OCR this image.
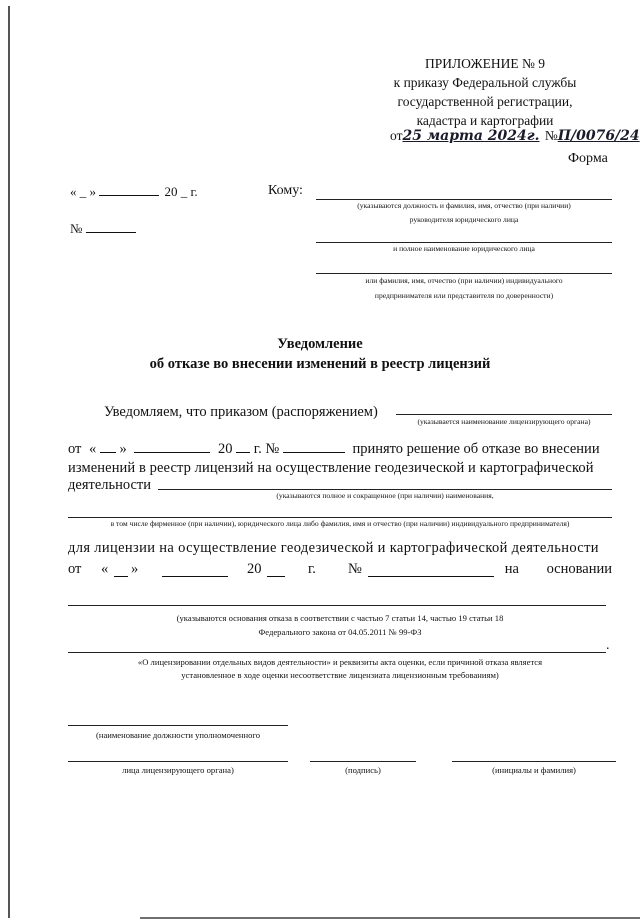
ПРИЛОЖЕНИЕ № 9
к приказу Федеральной службы
государственной регистрации,
кадастра и картографии
от25 марта 2024г. №П/0076/24
Форма
« _ »	20 _ г.	Кому:
(указываются должность и фамилия, имя, отчество (при наличии)
руководителя юридического лица
и полное наименование юридического лица
или фамилия, имя, отчество (при наличии) индивидуального
предпринимателя или представителя по доверенности)
№
Уведомление
об отказе во внесении изменений в реестр лицензий
Уведомляем, что приказом (распоряжением)
(указывается наименование лицензирующего органа)
от « »	20 г. №	принято решение об отказе во внесении
изменений в реестр лицензий на осуществление геодезической и картографической
деятельности
(указываются полное и сокращенное (при наличии) наименования,
в том числе фирменное (при наличии), юридического лица либо фамилия, имя и отчество (при наличии) индивидуального предпринимателя)
для лицензии на осуществление геодезической и картографической деятельности
от « »	20	г. №	на основании
(указываются основания отказа в соответствии с частью 7 статьи 14, частью 19 статьи 18
Федерального закона от 04.05.2011 № 99-ФЗ
.
«О лицензировании отдельных видов деятельности» и реквизиты акта оценки, если причиной отказа является
установленное в ходе оценки несоответствие лицензиата лицензионным требованиям)
(наименование должности уполномоченного
лица лицензирующего органа)	(подпись)	(инициалы и фамилия)
